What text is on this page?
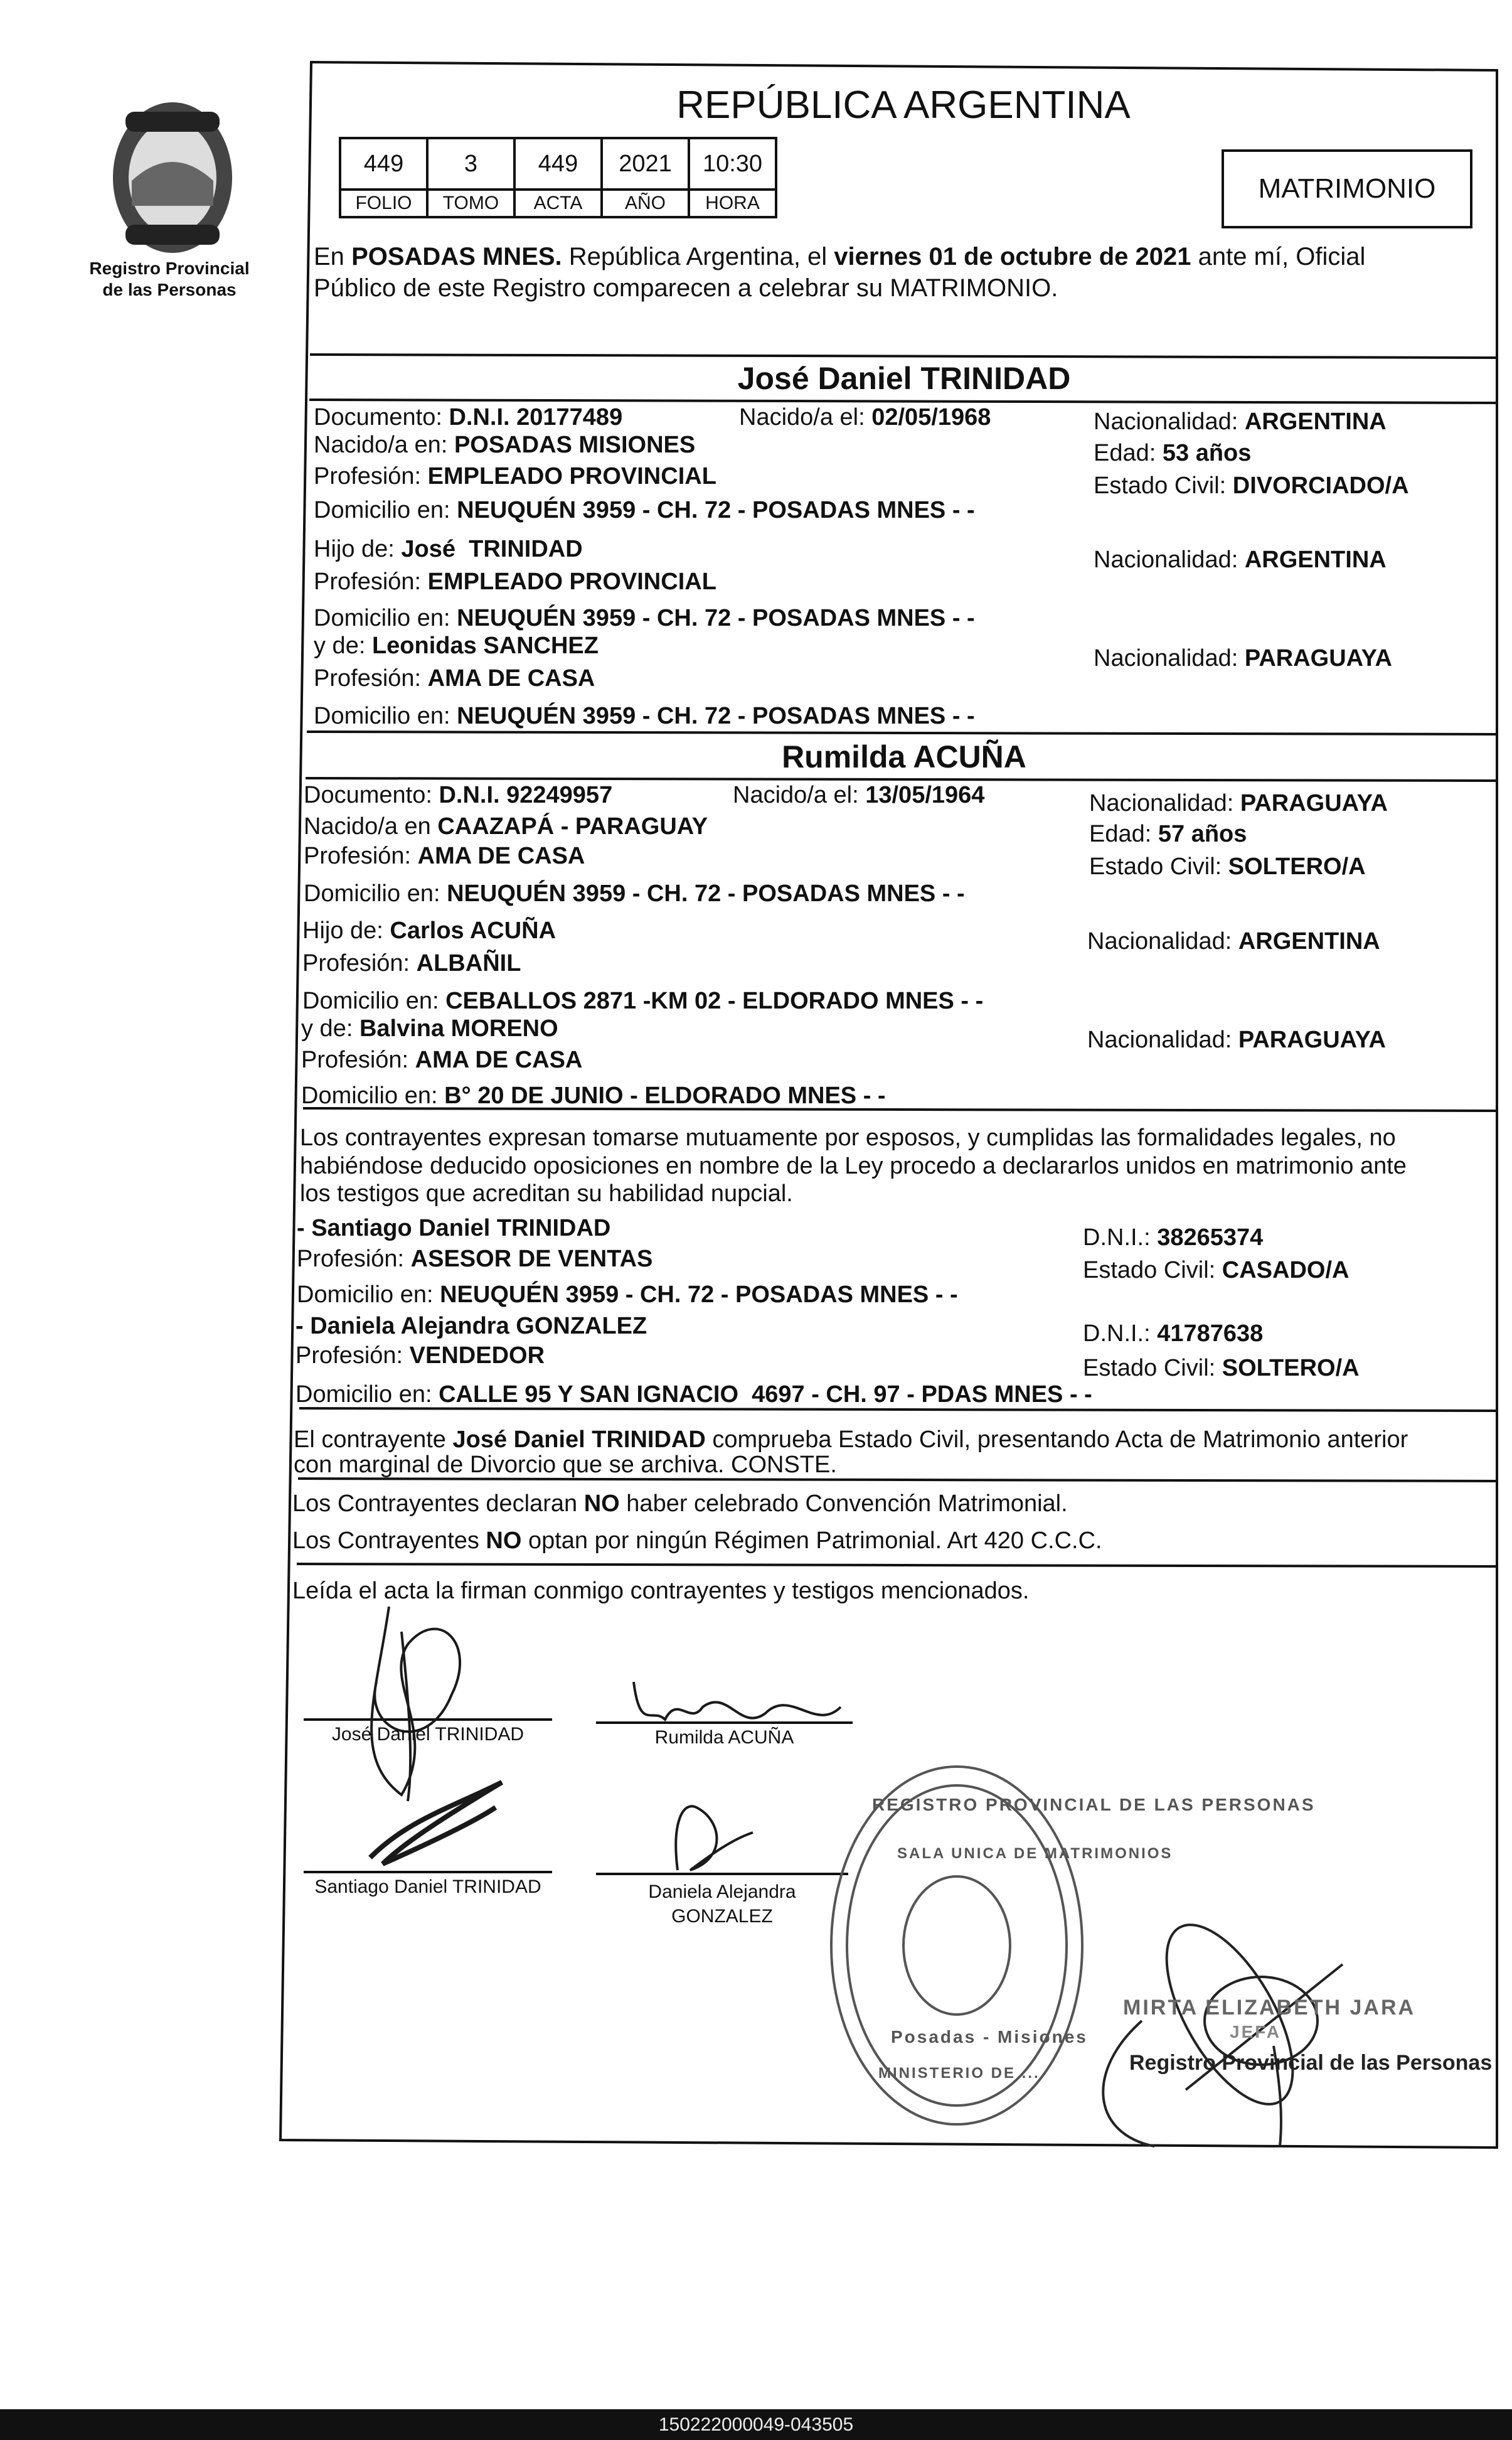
Registro Provincial
de las Personas
REPÚBLICA ARGENTINA
449	3	449	2021	10:30
FOLIO	TOMO	ACTA	AÑO	HORA	MATRIMONIO
En POSADAS MNES. República Argentina, el viernes 01 de octubre de 2021 ante mí, Oficial
Público de este Registro comparecen a celebrar su MATRIMONIO.
José Daniel TRINIDAD
Documento: D.N.I. 20177489	Nacido/a el: 02/05/1968
Nacido/a en: POSADAS MISIONES
Profesión: EMPLEADO PROVINCIAL
Domicilio en: NEUQUÉN 3959 - CH. 72 - POSADAS MNES - -
Nacionalidad: ARGENTINA
Edad: 53 años
Estado Civil: DIVORCIADO/A
Hijo de: José  TRINIDAD
Profesión: EMPLEADO PROVINCIAL
Domicilio en: NEUQUÉN 3959 - CH. 72 - POSADAS MNES - -
Nacionalidad: ARGENTINA
y de: Leonidas SANCHEZ
Profesión: AMA DE CASA
Domicilio en: NEUQUÉN 3959 - CH. 72 - POSADAS MNES - -
Nacionalidad: PARAGUAYA
Rumilda ACUÑA
Documento: D.N.I. 92249957	Nacido/a el: 13/05/1964
Nacido/a en CAAZAPÁ - PARAGUAY
Profesión: AMA DE CASA
Domicilio en: NEUQUÉN 3959 - CH. 72 - POSADAS MNES - -
Nacionalidad: PARAGUAYA
Edad: 57 años
Estado Civil: SOLTERO/A
Hijo de: Carlos ACUÑA
Profesión: ALBAÑIL
Domicilio en: CEBALLOS 2871 -KM 02 - ELDORADO MNES - -
Nacionalidad: ARGENTINA
y de: Balvina MORENO
Profesión: AMA DE CASA
Domicilio en: B° 20 DE JUNIO - ELDORADO MNES - -
Nacionalidad: PARAGUAYA
Los contrayentes expresan tomarse mutuamente por esposos, y cumplidas las formalidades legales, no
habiéndose deducido oposiciones en nombre de la Ley procedo a declararlos unidos en matrimonio ante
los testigos que acreditan su habilidad nupcial.
- Santiago Daniel TRINIDAD
Profesión: ASESOR DE VENTAS
Domicilio en: NEUQUÉN 3959 - CH. 72 - POSADAS MNES - -
D.N.I.: 38265374
Estado Civil: CASADO/A
- Daniela Alejandra GONZALEZ
Profesión: VENDEDOR
Domicilio en: CALLE 95 Y SAN IGNACIO  4697 - CH. 97 - PDAS MNES - -
D.N.I.: 41787638
Estado Civil: SOLTERO/A
El contrayente José Daniel TRINIDAD comprueba Estado Civil, presentando Acta de Matrimonio anterior
con marginal de Divorcio que se archiva. CONSTE.
Los Contrayentes declaran NO haber celebrado Convención Matrimonial.
Los Contrayentes NO optan por ningún Régimen Patrimonial. Art 420 C.C.C.
Leída el acta la firman conmigo contrayentes y testigos mencionados.
José Daniel TRINIDAD	Rumilda ACUÑA
Santiago Daniel TRINIDAD	Daniela Alejandra
GONZALEZ
REGISTRO PROVINCIAL DE LAS PERSONAS
SALA UNICA DE MATRIMONIOS
Posadas - Misiones
MINISTERIO DE ...
MIRTA ELIZABETH JARA
JEFA
Registro Provincial de las Personas
150222000049-043505
